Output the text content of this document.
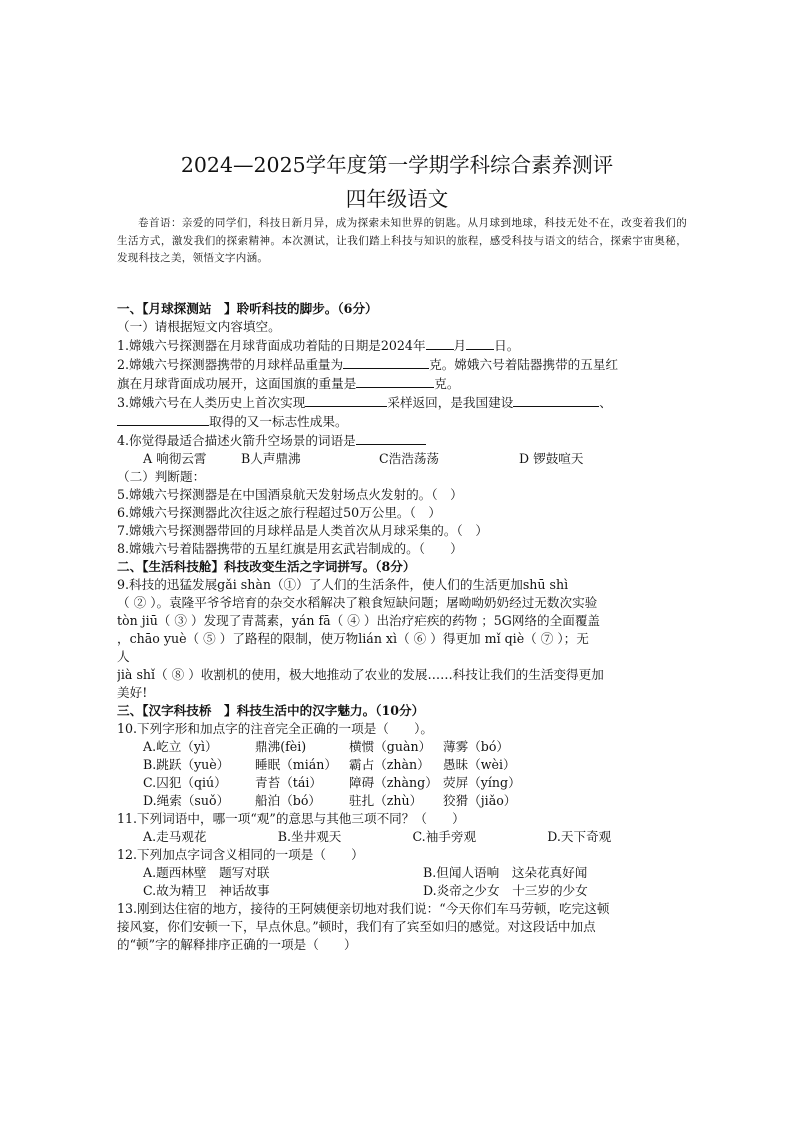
2024—2025学年度第一学期学科综合素养测评
四年级语文
卷首语：亲爱的同学们，科技日新月异，成为探索未知世界的钥匙。从月球到地球，科技无处不在，改变着我们的生活方式，激发我们的探索精神。本次测试，让我们踏上科技与知识的旅程，感受科技与语文的结合，探索宇宙奥秘，发现科技之美，领悟文字内涵。
一、【月球探测站　】聆听科技的脚步。（6分）
（一）请根据短文内容填空。
1.嫦娥六号探测器在月球背面成功着陆的日期是2024年 月 日。
2.嫦娥六号探测器携带的月球样品重量为	克。嫦娥六号着陆器携带的五星红
旗在月球背面成功展开，这面国旗的重量是	克。
3.嫦娥六号在人类历史上首次实现	采样返回，是我国建设	、
取得的又一标志性成果。
4.你觉得最适合描述火箭升空场景的词语是
A 响彻云霄	B人声鼎沸	C浩浩荡荡	D 锣鼓喧天
（二）判断题：
5.嫦娥六号探测器是在中国酒泉航天发射场点火发射的。（　）
6.嫦娥六号探测器此次往返之旅行程超过50万公里。（　）
7.嫦娥六号探测器带回的月球样品是人类首次从月球采集的。（　）
8.嫦娥六号着陆器携带的五星红旗是用玄武岩制成的。（　　）
二、【生活科技舱】科技改变生活之字词拼写。（8分）
9.科技的迅猛发展gǎi shàn（①）了人们的生活条件，使人们的生活更加shū shì
（ ② ）。袁隆平爷爷培育的杂交水稻解决了粮食短缺问题；屠呦呦奶奶经过无数次实验
tòn jiū（ ③ ）发现了青蒿素，yán fā（ ④ ）出治疗疟疾的药物 ；5G网络的全面覆盖
，chāo yuè（ ⑤ ）了路程的限制，使万物lián xì（ ⑥ ）得更加 mǐ qiè（ ⑦ ）；无
人
jià shǐ（ ⑧ ）收割机的使用，极大地推动了农业的发展……科技让我们的生活变得更加
美好!
三、【汉字科技桥　】科技生活中的汉字魅力。（10分）
10.下列字形和加点字的注音完全正确的一项是（　　）。
A.屹立（yì）	鼎沸(fèi)	横惯（guàn） 薄雾（bó）
B.跳跃（yuè）	睡眠（mián） 霸占（zhàn）	愚昧（wèi）
C.囚犯（qiú）	青苔（tái）	障碍（zhàng） 荧屏（yíng）
D.绳索（suǒ）	船泊（bó）	驻扎（zhù）	狡猾（jiǎo）
11.下列词语中，哪一项“观”的意思与其他三项不同？（　　）
A.走马观花	B.坐井观天	C.袖手旁观	D.天下奇观
12.下列加点字词含义相同的一项是（　　）
A.题西林壁　题写对联	B.但闻人语响　这朵花真好闻
C.故为精卫　神话故事	D.炎帝之少女　十三岁的少女
13.刚到达住宿的地方，接待的王阿姨便亲切地对我们说：“今天你们车马劳顿，吃完这顿
接风宴，你们安顿一下，早点休息。”顿时，我们有了宾至如归的感觉。对这段话中加点
的“顿”字的解释排序正确的一项是（　　）
